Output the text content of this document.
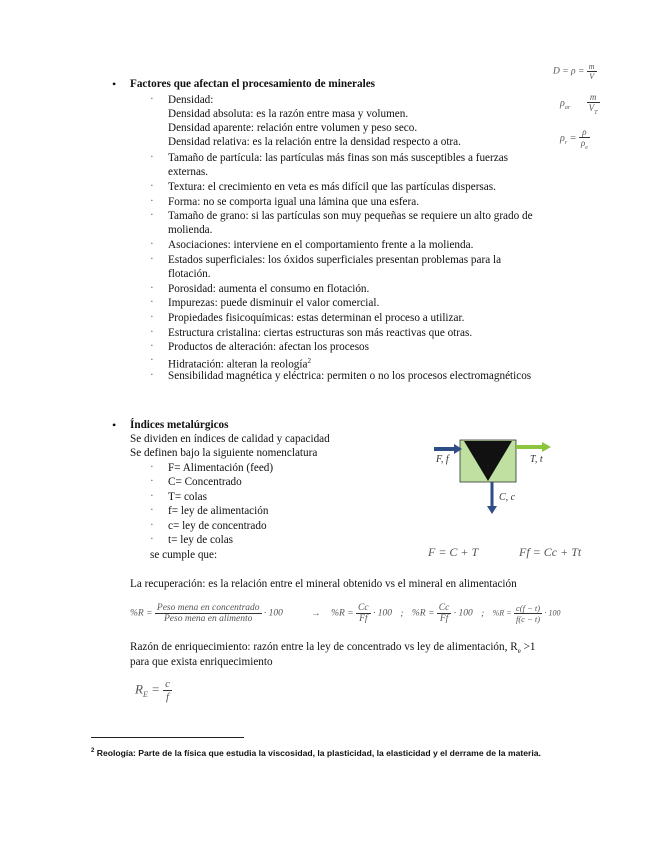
• Factores que afectan el procesamiento de minerales
· Densidad:
Densidad absoluta: es la razón entre masa y volumen.
Densidad aparente: relación entre volumen y peso seco.
Densidad relativa: es la relación entre la densidad respecto a otra.
· Tamaño de partícula: las partículas más finas son más susceptibles a fuerzas
externas.
· Textura: el crecimiento en veta es más difícil que las partículas dispersas.
· Forma: no se comporta igual una lámina que una esfera.
· Tamaño de grano: si las partículas son muy pequeñas se requiere un alto grado de
molienda.
· Asociaciones: interviene en el comportamiento frente a la molienda.
· Estados superficiales: los óxidos superficiales presentan problemas para la
flotación.
· Porosidad: aumenta el consumo en flotación.
· Impurezas: puede disminuir el valor comercial.
· Propiedades fisicoquímicas: estas determinan el proceso a utilizar.
· Estructura cristalina: ciertas estructuras son más reactivas que otras.
· Productos de alteración: afectan los procesos
· Hidratación: alteran la reología$^2$
· Sensibilidad magnética y eléctrica: permiten o no los procesos electromagnéticos
$D = \rho = \frac{m}{V}$
$\rho_{ar} \frac{m}{V_T}$
$\rho_r = \frac{\rho}{\rho_e}$
• Índices metalúrgicos
Se dividen en índices de calidad y capacidad
Se definen bajo la siguiente nomenclatura
· F= Alimentación (feed)
· C= Concentrado
· T= colas
· f= ley de alimentación
· c= ley de concentrado
· t= ley de colas
se cumple que:
F, f	T, t
C, c
F = C + T	Ff = Cc + Tt
La recuperación: es la relación entre el mineral obtenido vs el mineral en alimentación
$\%R = \frac{\text{Peso mena en concentrado}}{\text{Peso mena en alimento}} \cdot 100$	→ $\%R = \frac{Cc}{Ff} \cdot 100$ ; $\%R = \frac{Cc}{Ff} \cdot 100$ ; $\%R = \frac{c(f - t)}{f(c - t)} \cdot 100$
Razón de enriquecimiento: razón entre la ley de concentrado vs ley de alimentación, $R_e >1$
para que exista enriquecimiento
$R_E = \frac{c}{f}$
$^2$ Reología: Parte de la física que estudia la viscosidad, la plasticidad, la elasticidad y el derrame de la materia.
